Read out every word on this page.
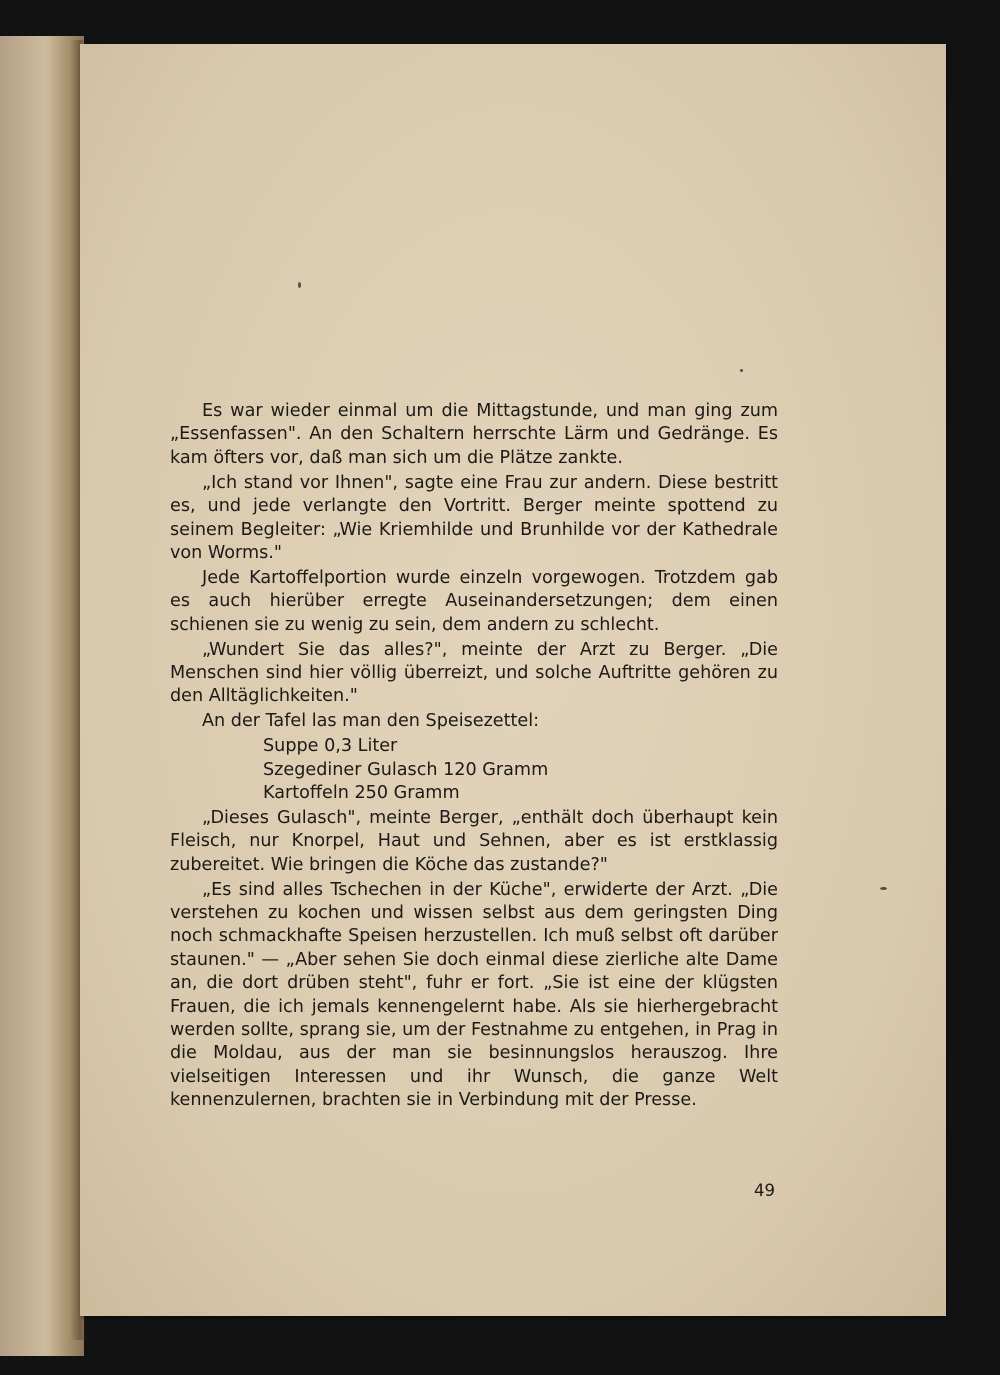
Es war wieder einmal um die Mittagstunde, und man ging zum „Essenfassen". An den Schaltern herrschte Lärm und Gedränge. Es kam öfters vor, daß man sich um die Plätze zankte.

„Ich stand vor Ihnen", sagte eine Frau zur andern. Diese bestritt es, und jede verlangte den Vortritt. Berger meinte spottend zu seinem Begleiter: „Wie Kriemhilde und Brunhilde vor der Kathedrale von Worms."

Jede Kartoffelportion wurde einzeln vorgewogen. Trotzdem gab es auch hierüber erregte Auseinandersetzungen; dem einen schienen sie zu wenig zu sein, dem andern zu schlecht.

„Wundert Sie das alles?", meinte der Arzt zu Berger. „Die Menschen sind hier völlig überreizt, und solche Auftritte gehören zu den Alltäglichkeiten."

An der Tafel las man den Speisezettel:

Suppe 0,3 Liter
Szegediner Gulasch 120 Gramm
Kartoffeln 250 Gramm

„Dieses Gulasch", meinte Berger, „enthält doch überhaupt kein Fleisch, nur Knorpel, Haut und Sehnen, aber es ist erstklassig zubereitet. Wie bringen die Köche das zustande?"

„Es sind alles Tschechen in der Küche", erwiderte der Arzt. „Die verstehen zu kochen und wissen selbst aus dem geringsten Ding noch schmackhafte Speisen herzustellen. Ich muß selbst oft darüber staunen." — „Aber sehen Sie doch einmal diese zierliche alte Dame an, die dort drüben steht", fuhr er fort. „Sie ist eine der klügsten Frauen, die ich jemals kennengelernt habe. Als sie hierhergebracht werden sollte, sprang sie, um der Festnahme zu entgehen, in Prag in die Moldau, aus der man sie besinnungslos herauszog. Ihre vielseitigen Interessen und ihr Wunsch, die ganze Welt kennenzulernen, brachten sie in Verbindung mit der Presse.

49
